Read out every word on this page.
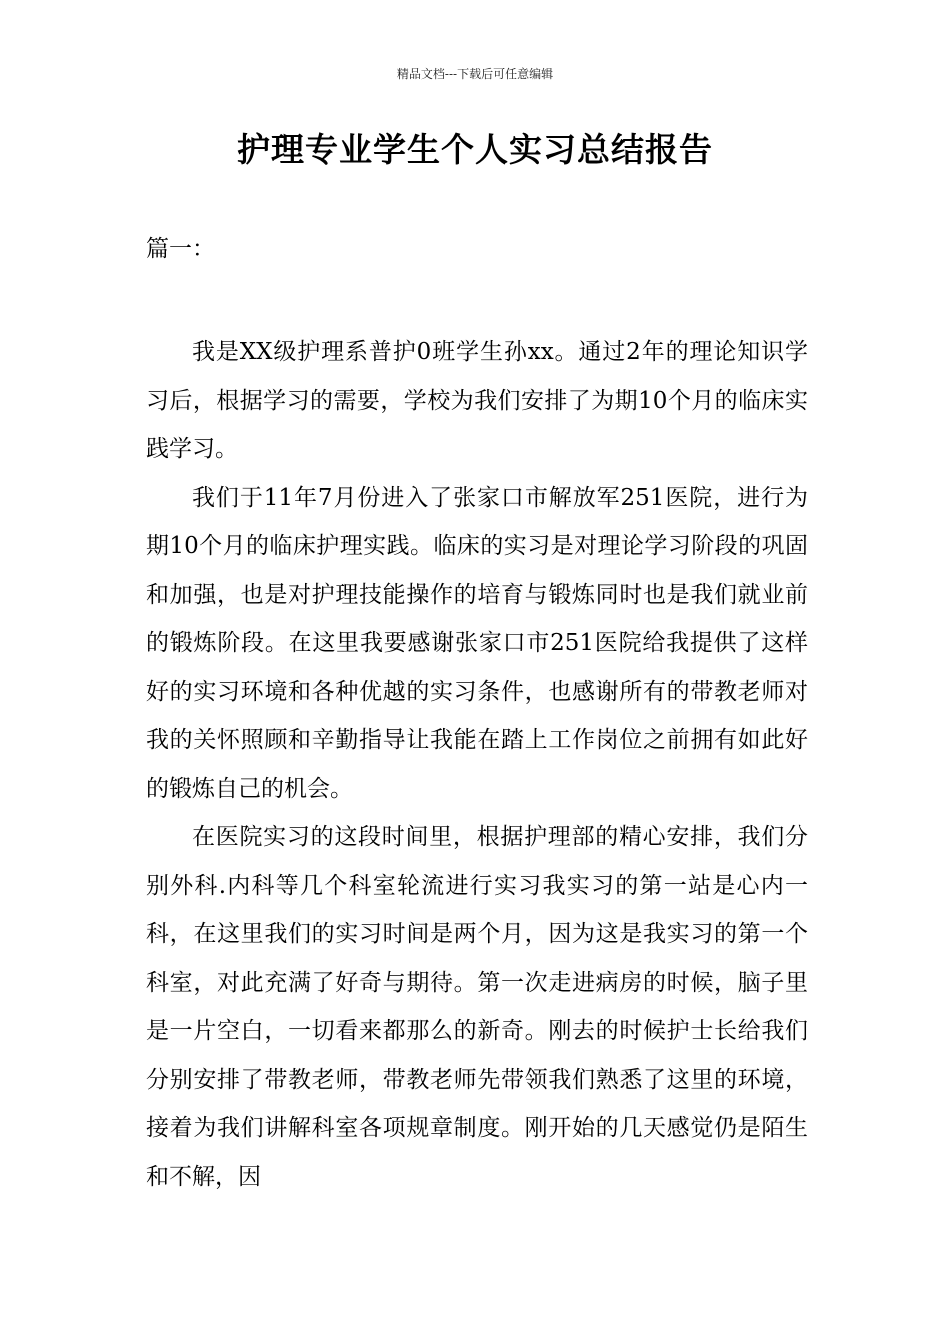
精品文档---下载后可任意编辑
护理专业学生个人实习总结报告
篇一：

我是XX级护理系普护0班学生孙xx。通过2年的理论知识学习后，根据学习的需要，学校为我们安排了为期10个月的临床实践学习。

我们于11年7月份进入了张家口市解放军251医院，进行为期10个月的临床护理实践。临床的实习是对理论学习阶段的巩固和加强，也是对护理技能操作的培育与锻炼同时也是我们就业前的锻炼阶段。在这里我要感谢张家口市251医院给我提供了这样好的实习环境和各种优越的实习条件，也感谢所有的带教老师对我的关怀照顾和辛勤指导让我能在踏上工作岗位之前拥有如此好的锻炼自己的机会。

在医院实习的这段时间里，根据护理部的精心安排，我们分别外科.内科等几个科室轮流进行实习我实习的第一站是心内一科，在这里我们的实习时间是两个月，因为这是我实习的第一个科室，对此充满了好奇与期待。第一次走进病房的时候，脑子里是一片空白，一切看来都那么的新奇。刚去的时候护士长给我们分别安排了带教老师，带教老师先带领我们熟悉了这里的环境，接着为我们讲解科室各项规章制度。刚开始的几天感觉仍是陌生和不解，因
